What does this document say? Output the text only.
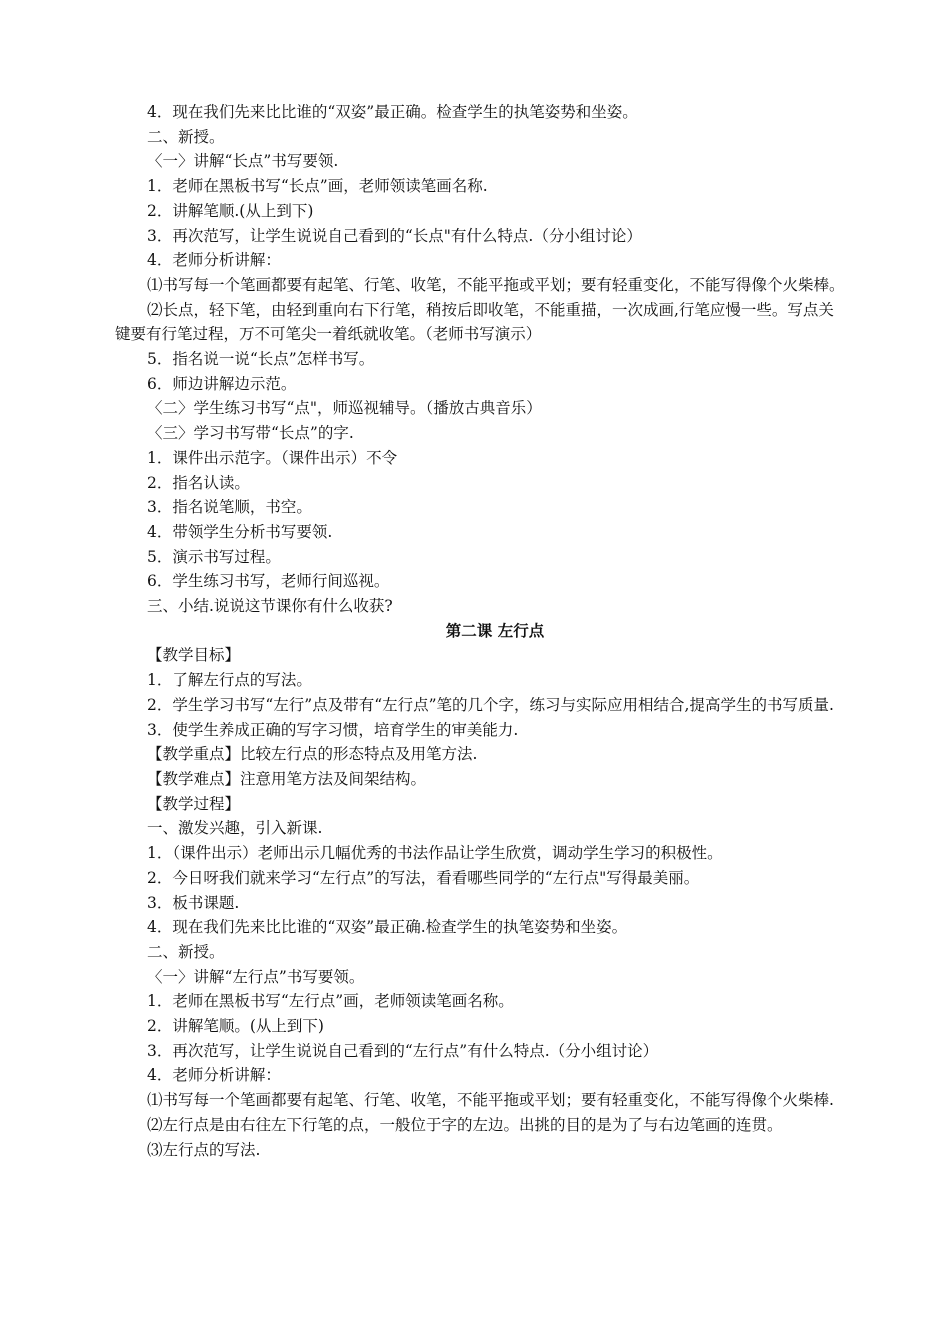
4．现在我们先来比比谁的“双姿”最正确。检查学生的执笔姿势和坐姿。

二、新授。

〈一〉讲解“长点”书写要领.

1．老师在黑板书写“长点”画，老师领读笔画名称.

2．讲解笔顺.(从上到下)

3．再次范写，让学生说说自己看到的“长点"有什么特点.（分小组讨论）

4．老师分析讲解：

⑴书写每一个笔画都要有起笔、行笔、收笔，不能平拖或平划；要有轻重变化，不能写得像个火柴棒。

⑵长点，轻下笔，由轻到重向右下行笔，稍按后即收笔，不能重描，一次成画,行笔应慢一些。写点关键要有行笔过程，万不可笔尖一着纸就收笔。（老师书写演示）

5．指名说一说“长点”怎样书写。

6．师边讲解边示范。

〈二〉学生练习书写“点"，师巡视辅导。（播放古典音乐）

〈三〉学习书写带“长点”的字.

1．课件出示范字。（课件出示）不令

2．指名认读。

3．指名说笔顺，书空。

4．带领学生分析书写要领.

5．演示书写过程。

6．学生练习书写，老师行间巡视。

三、小结.说说这节课你有什么收获?

第二课 左行点

【教学目标】

1．了解左行点的写法。

2．学生学习书写“左行”点及带有“左行点”笔的几个字，练习与实际应用相结合,提高学生的书写质量.

3．使学生养成正确的写字习惯，培育学生的审美能力.

【教学重点】比较左行点的形态特点及用笔方法.

【教学难点】注意用笔方法及间架结构。

【教学过程】

一、激发兴趣，引入新课.

1．（课件出示）老师出示几幅优秀的书法作品让学生欣赏，调动学生学习的积极性。

2．今日呀我们就来学习“左行点”的写法，看看哪些同学的“左行点"写得最美丽。

3．板书课题.

4．现在我们先来比比谁的“双姿”最正确.检查学生的执笔姿势和坐姿。

二、新授。

〈一〉讲解“左行点”书写要领。

1．老师在黑板书写“左行点”画，老师领读笔画名称。

2．讲解笔顺。(从上到下)

3．再次范写，让学生说说自己看到的“左行点”有什么特点.（分小组讨论）

4．老师分析讲解：

⑴书写每一个笔画都要有起笔、行笔、收笔，不能平拖或平划；要有轻重变化，不能写得像个火柴棒.

⑵左行点是由右往左下行笔的点，一般位于字的左边。出挑的目的是为了与右边笔画的连贯。

⑶左行点的写法.
